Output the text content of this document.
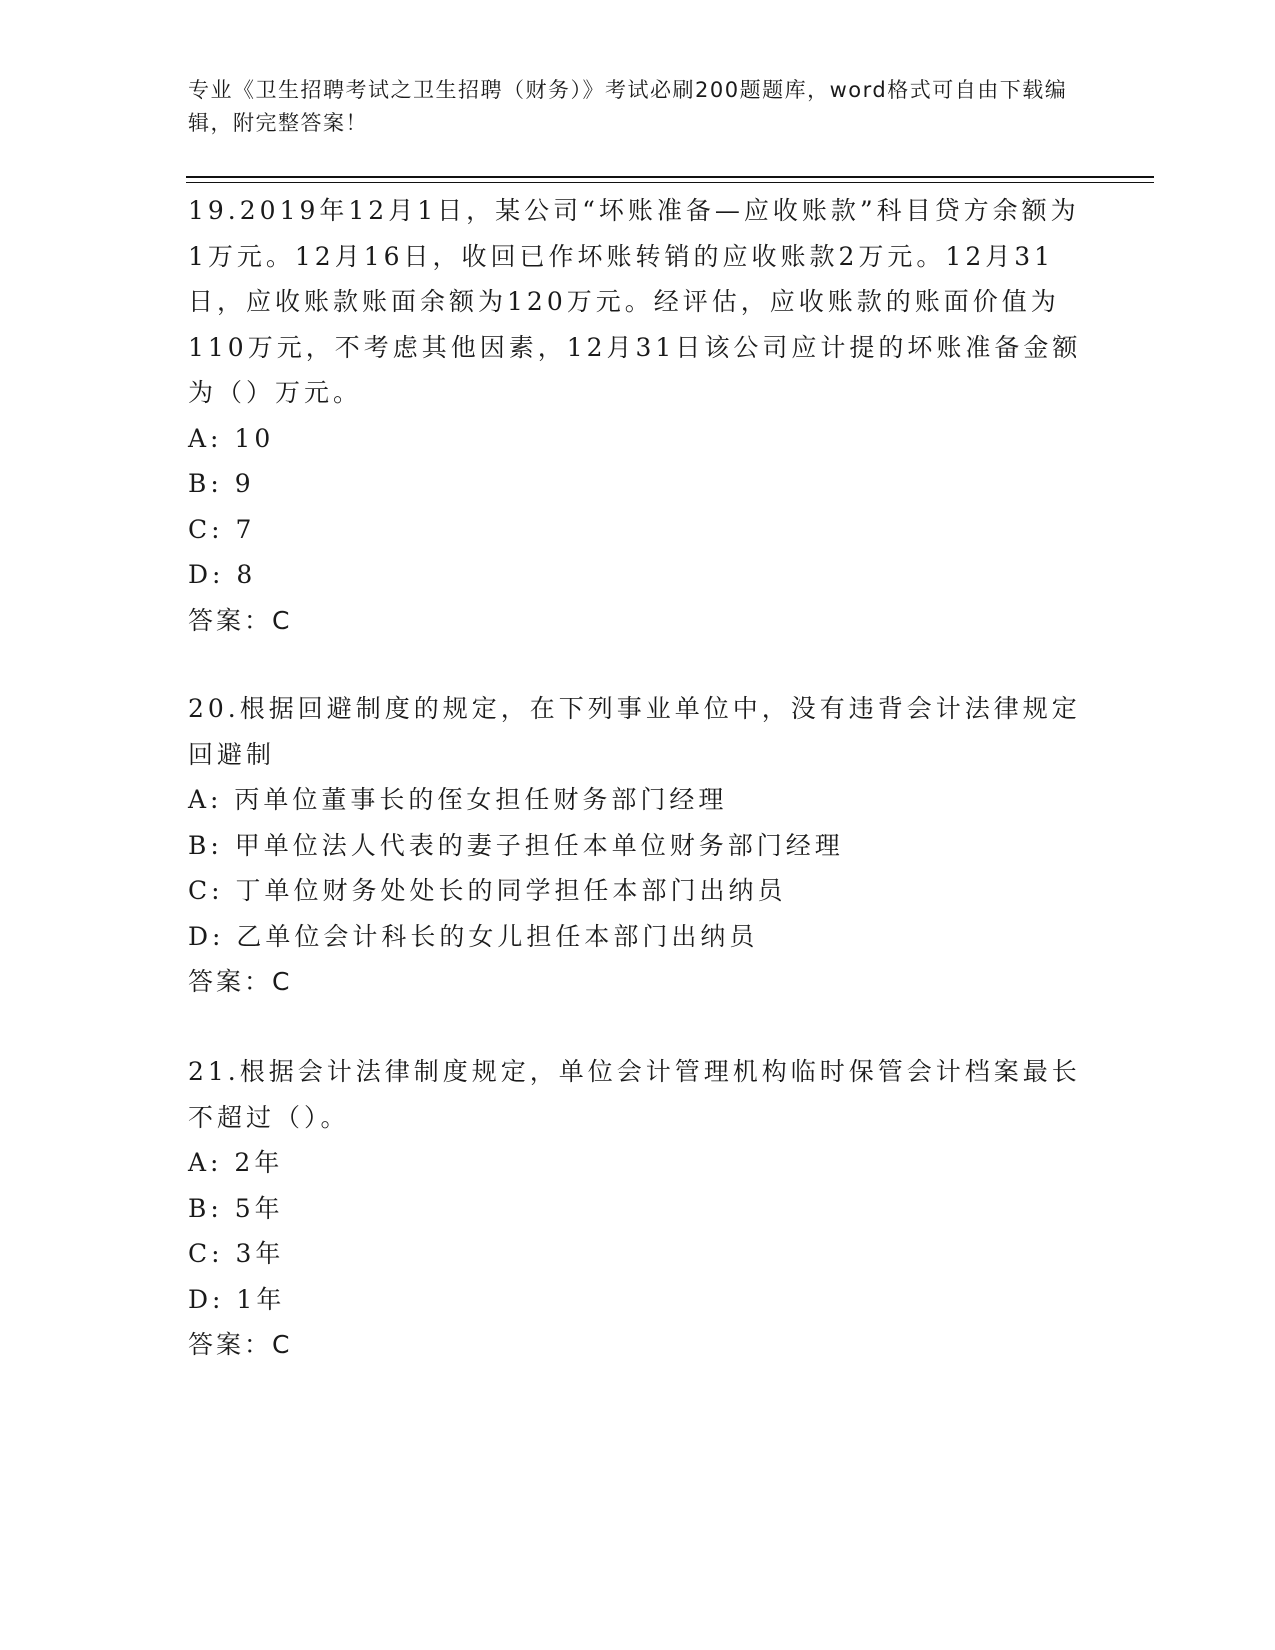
专业《卫生招聘考试之卫生招聘（财务）》考试必刷200题题库，word格式可自由下载编辑，附完整答案！

19.2019年12月1日，某公司“坏账准备—应收账款”科目贷方余额为1万元。12月16日，收回已作坏账转销的应收账款2万元。12月31日，应收账款账面余额为120万元。经评估，应收账款的账面价值为110万元，不考虑其他因素，12月31日该公司应计提的坏账准备金额为（）万元。

A: 10

B: 9

C: 7

D: 8

答案：C

20.根据回避制度的规定，在下列事业单位中，没有违背会计法律规定回避制

A: 丙单位董事长的侄女担任财务部门经理

B: 甲单位法人代表的妻子担任本单位财务部门经理

C: 丁单位财务处处长的同学担任本部门出纳员

D: 乙单位会计科长的女儿担任本部门出纳员

答案：C

21.根据会计法律制度规定，单位会计管理机构临时保管会计档案最长不超过（）。

A: 2年

B: 5年

C: 3年

D: 1年

答案：C
